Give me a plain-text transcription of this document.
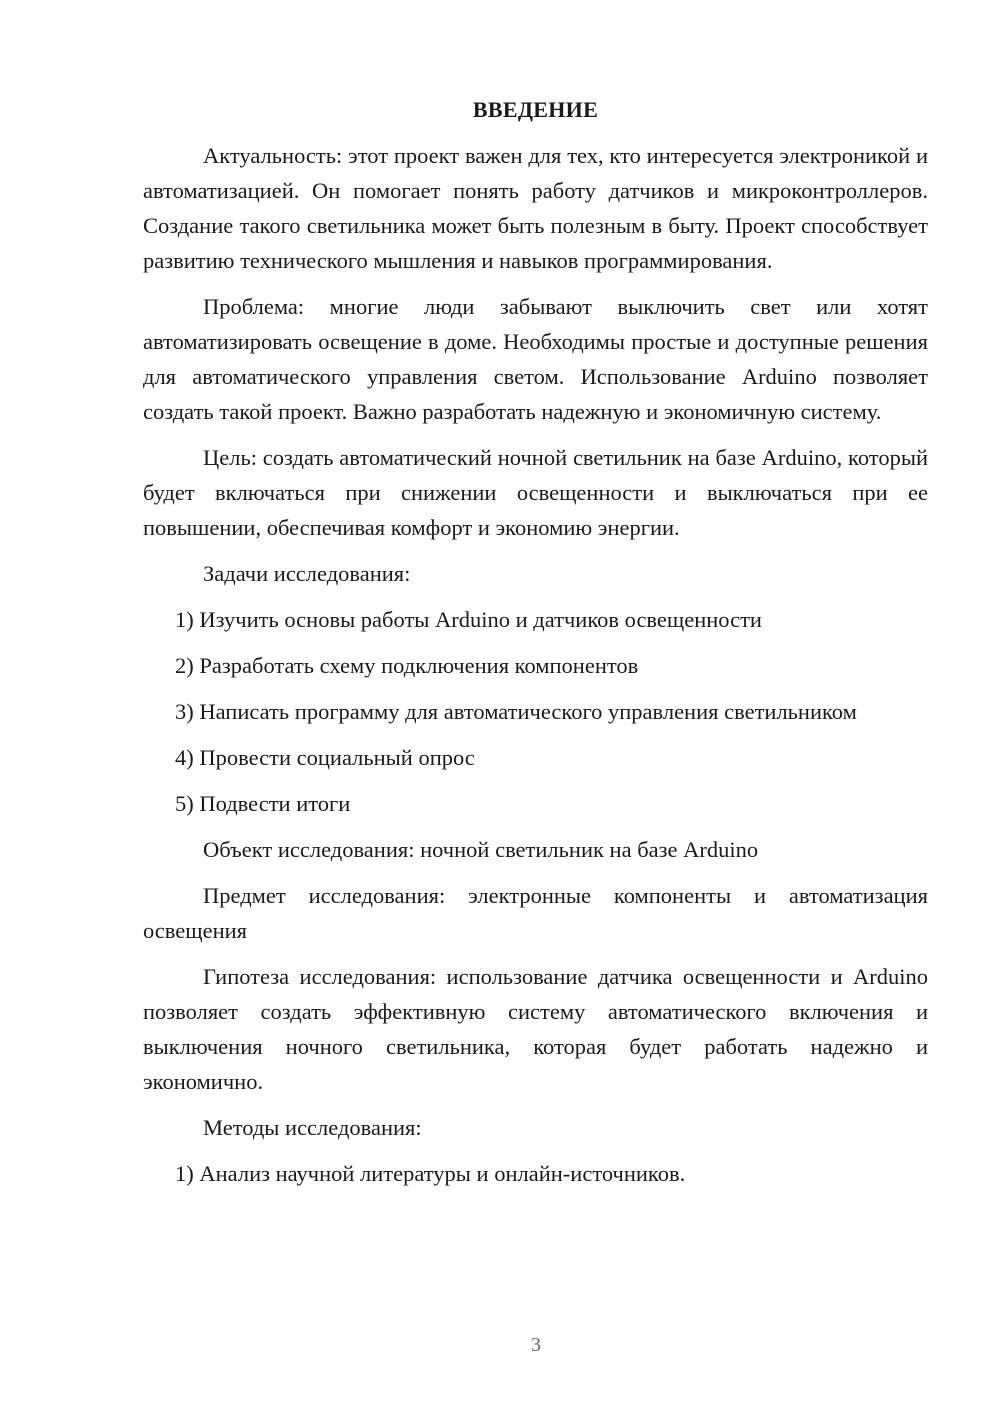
ВВЕДЕНИЕ

Актуальность: этот проект важен для тех, кто интересуется электроникой и автоматизацией. Он помогает понять работу датчиков и микроконтроллеров. Создание такого светильника может быть полезным в быту. Проект способствует развитию технического мышления и навыков программирования.

Проблема: многие люди забывают выключить свет или хотят автоматизировать освещение в доме. Необходимы простые и доступные решения для автоматического управления светом. Использование Arduino позволяет создать такой проект. Важно разработать надежную и экономичную систему.

Цель: создать автоматический ночной светильник на базе Arduino, который будет включаться при снижении освещенности и выключаться при ее повышении, обеспечивая комфорт и экономию энергии.

Задачи исследования:

1) Изучить основы работы Arduino и датчиков освещенности

2) Разработать схему подключения компонентов

3) Написать программу для автоматического управления светильником

4) Провести социальный опрос

5) Подвести итоги

Объект исследования: ночной светильник на базе Arduino

Предмет исследования: электронные компоненты и автоматизация освещения

Гипотеза исследования: использование датчика освещенности и Arduino позволяет создать эффективную систему автоматического включения и выключения ночного светильника, которая будет работать надежно и экономично.

Методы исследования:

1) Анализ научной литературы и онлайн-источников.

3
